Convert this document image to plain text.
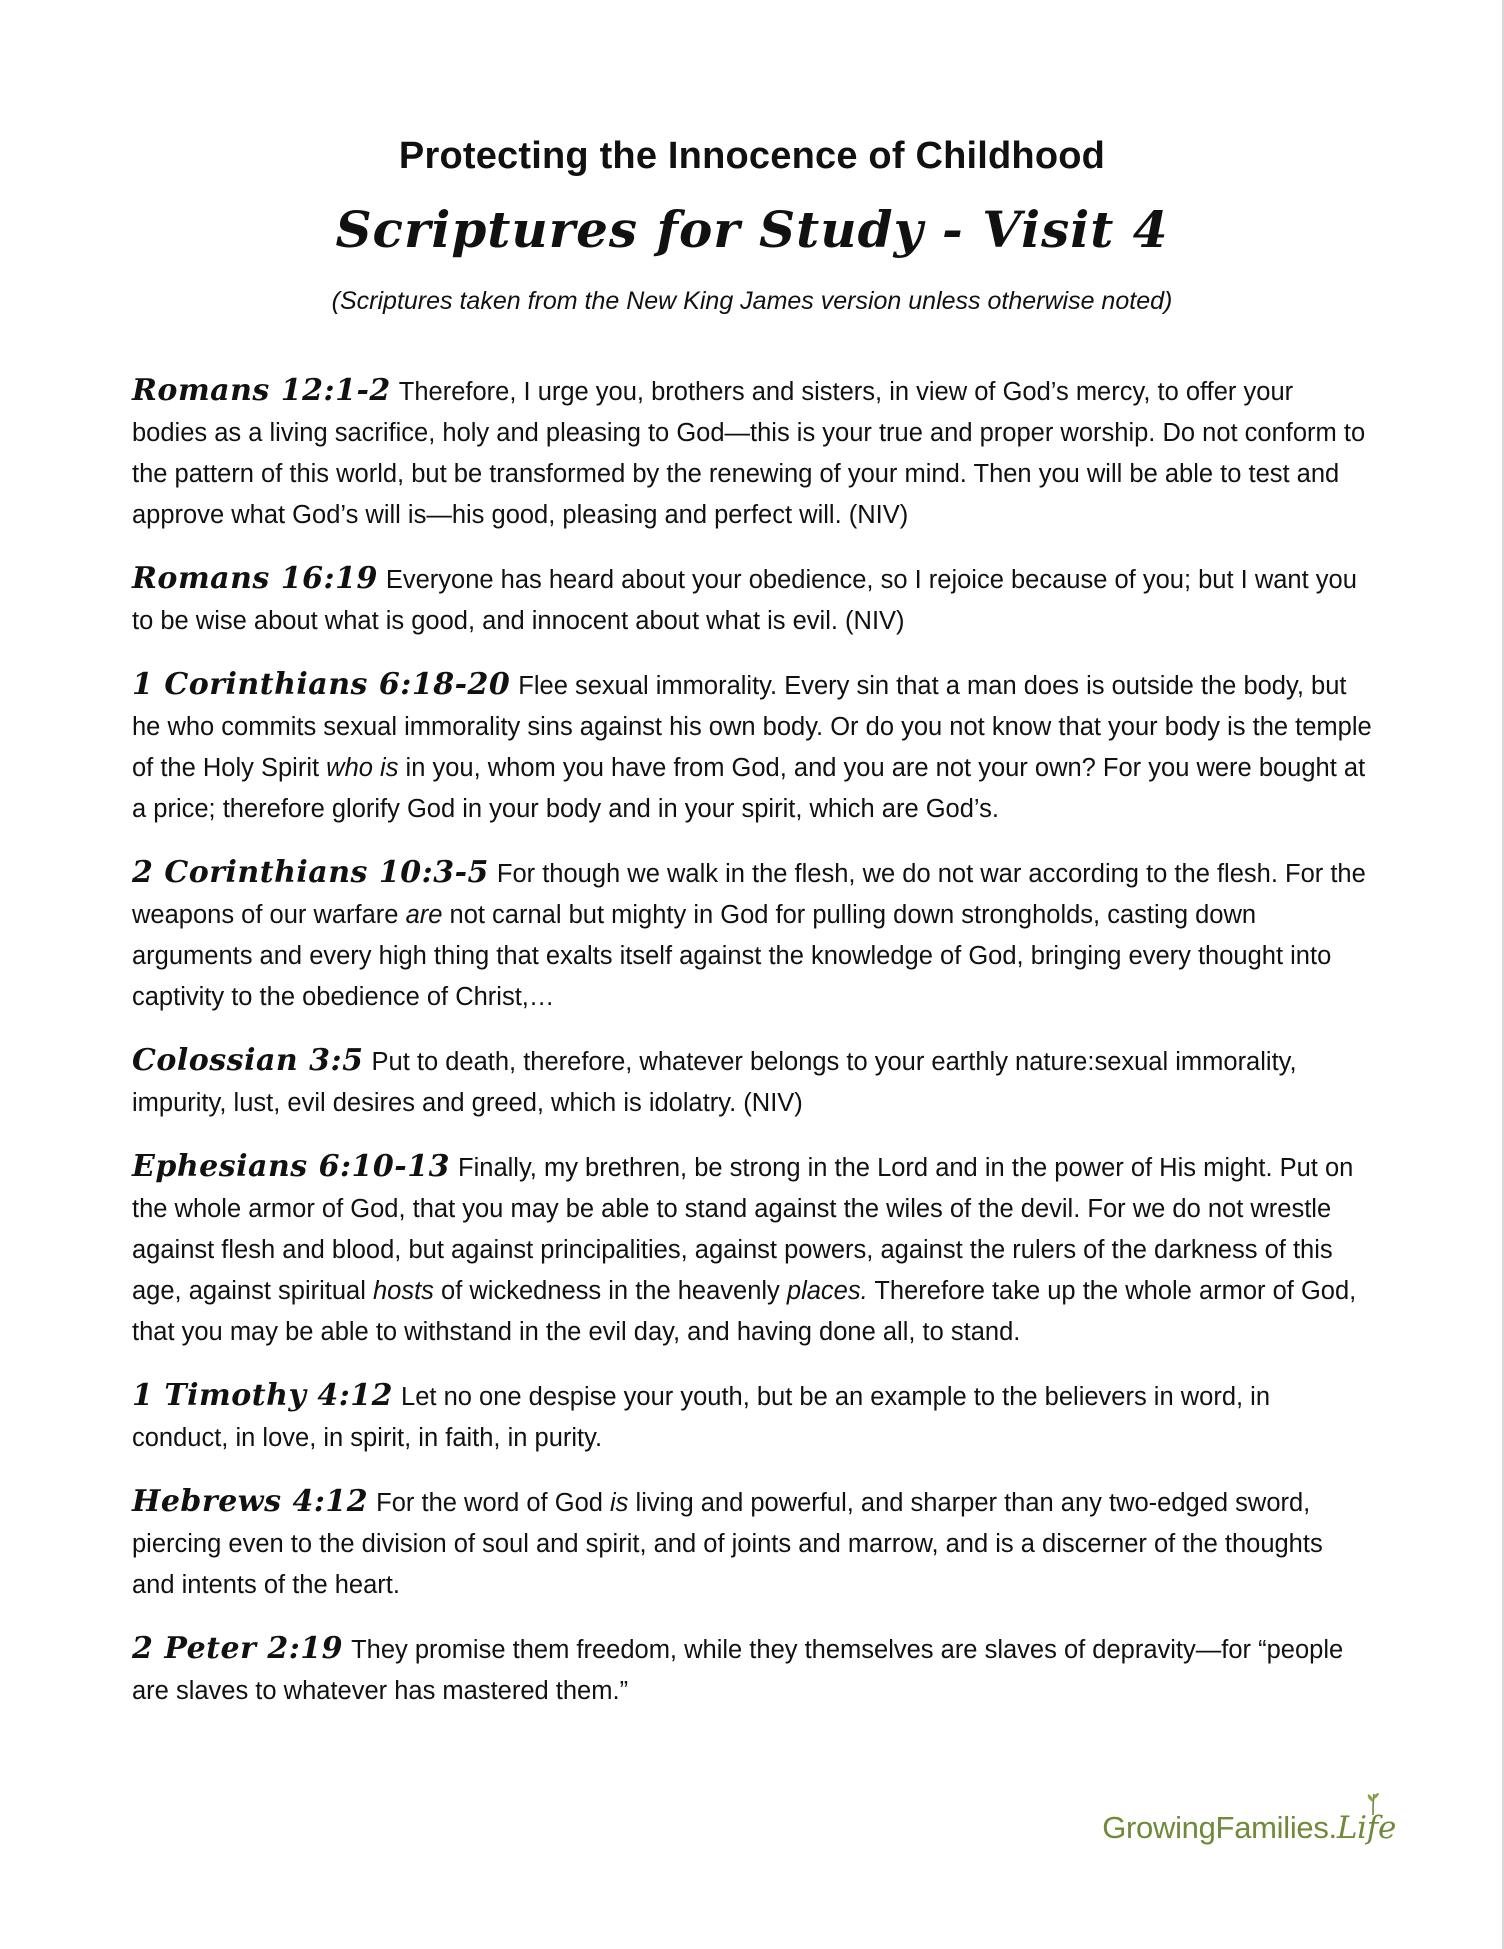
Protecting the Innocence of Childhood
Scriptures for Study - Visit 4

(Scriptures taken from the New King James version unless otherwise noted)

Romans 12:1-2 Therefore, I urge you, brothers and sisters, in view of God’s mercy, to offer your bodies as a living sacrifice, holy and pleasing to God—this is your true and proper worship. Do not conform to the pattern of this world, but be transformed by the renewing of your mind. Then you will be able to test and approve what God’s will is—his good, pleasing and perfect will. (NIV)

Romans 16:19 Everyone has heard about your obedience, so I rejoice because of you; but I want you to be wise about what is good, and innocent about what is evil. (NIV)

1 Corinthians 6:18-20 Flee sexual immorality. Every sin that a man does is outside the body, but he who commits sexual immorality sins against his own body. Or do you not know that your body is the temple of the Holy Spirit who is in you, whom you have from God, and you are not your own? For you were bought at a price; therefore glorify God in your body and in your spirit, which are God’s.

2 Corinthians 10:3-5 For though we walk in the flesh, we do not war according to the flesh. For the weapons of our warfare are not carnal but mighty in God for pulling down strongholds, casting down arguments and every high thing that exalts itself against the knowledge of God, bringing every thought into captivity to the obedience of Christ,…

Colossian 3:5 Put to death, therefore, whatever belongs to your earthly nature:sexual immorality, impurity, lust, evil desires and greed, which is idolatry. (NIV)

Ephesians 6:10-13 Finally, my brethren, be strong in the Lord and in the power of His might. Put on the whole armor of God, that you may be able to stand against the wiles of the devil. For we do not wrestle against flesh and blood, but against principalities, against powers, against the rulers of the darkness of this age, against spiritual hosts of wickedness in the heavenly places. Therefore take up the whole armor of God, that you may be able to withstand in the evil day, and having done all, to stand.

1 Timothy 4:12 Let no one despise your youth, but be an example to the believers in word, in conduct, in love, in spirit, in faith, in purity.

Hebrews 4:12 For the word of God is living and powerful, and sharper than any two-edged sword, piercing even to the division of soul and spirit, and of joints and marrow, and is a discerner of the thoughts and intents of the heart.

2 Peter 2:19 They promise them freedom, while they themselves are slaves of depravity—for “people are slaves to whatever has mastered them.”

GrowingFamilies.Life
